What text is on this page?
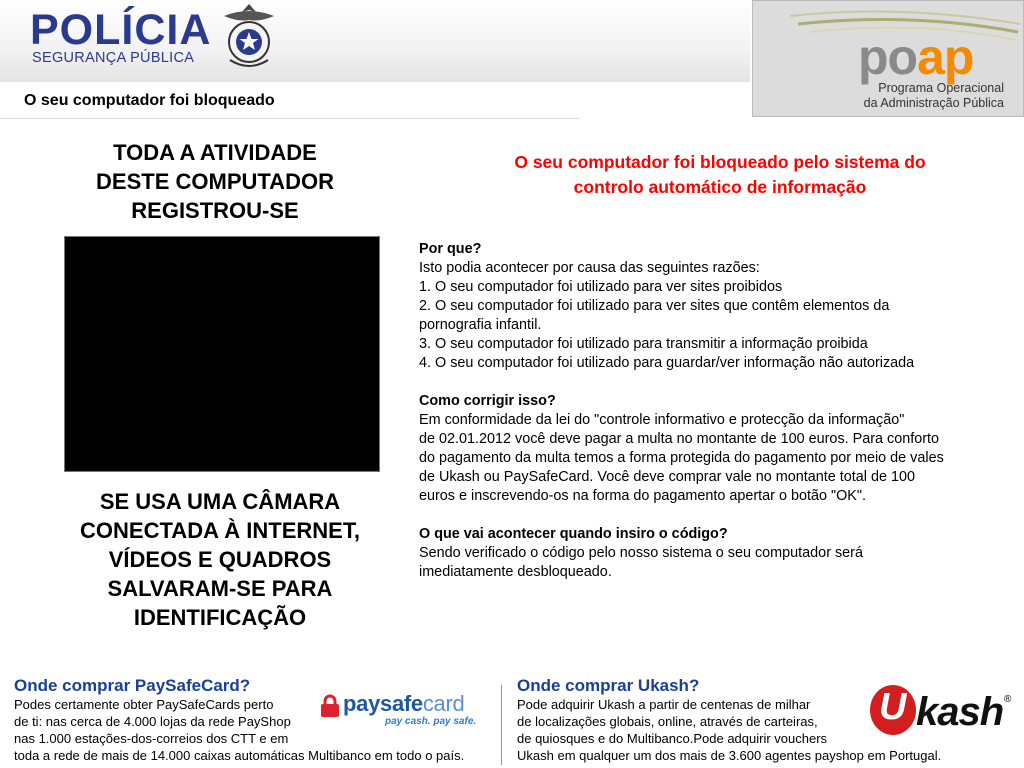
POLÍCIA
SEGURANÇA PÚBLICA
O seu computador foi bloqueado
poap
Programa Operacional
da Administração Pública
TODA A ATIVIDADE
DESTE COMPUTADOR
REGISTROU-SE
SE USA UMA CÂMARA
CONECTADA À INTERNET,
VÍDEOS E QUADROS
SALVARAM-SE PARA
IDENTIFICAÇÃO
O seu computador foi bloqueado pelo sistema do
controlo automático de informação
Por que?
Isto podia acontecer por causa das seguintes razões:
1. O seu computador foi utilizado para ver sites proibidos
2. O seu computador foi utilizado para ver sites que contêm elementos da
pornografia infantil.
3. O seu computador foi utilizado para transmitir a informação proibida
4. O seu computador foi utilizado para guardar/ver informação não autorizada
Como corrigir isso?
Em conformidade da lei do "controle informativo e protecção da informação"
de 02.01.2012 você deve pagar a multa no montante de 100 euros. Para conforto
do pagamento da multa temos a forma protegida do pagamento por meio de vales
de Ukash ou PaySafeCard. Você deve comprar vale no montante total de 100
euros e inscrevendo-os na forma do pagamento apertar o botão "OK".
O que vai acontecer quando insiro o código?
Sendo verificado o código pelo nosso sistema o seu computador será
imediatamente desbloqueado.
Onde comprar PaySafeCard?
Podes certamente obter PaySafeCards perto
de ti: nas cerca de 4.000 lojas da rede PayShop
nas 1.000 estações-dos-correios dos CTT e em
toda a rede de mais de 14.000 caixas automáticas Multibanco em todo o país.
paysafecard
pay cash. pay safe.
Onde comprar Ukash?
Pode adquirir Ukash a partir de centenas de milhar
de localizações globais, online, através de carteiras,
de quiosques e do Multibanco.Pode adquirir vouchers
Ukash em qualquer um dos mais de 3.600 agentes payshop em Portugal.
U kash ®
